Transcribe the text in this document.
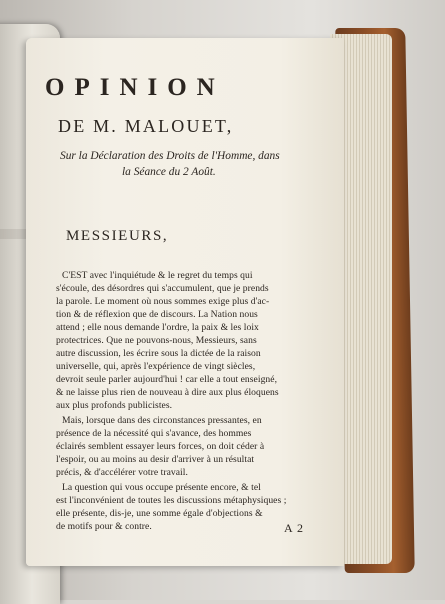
OPINION
DE M. MALOUET,
Sur la Déclaration des Droits de l'Homme, dans
la Séance du 2 Août.
MESSIEURS,
C'EST avec l'inquiétude & le regret du temps qui
s'écoule, des désordres qui s'accumulent, que je prends
la parole. Le moment où nous sommes exige plus d'ac-
tion & de réflexion que de discours. La Nation nous
attend ; elle nous demande l'ordre, la paix & les loix
protectrices. Que ne pouvons-nous, Messieurs, sans
autre discussion, les écrire sous la dictée de la raison
universelle, qui, après l'expérience de vingt siècles,
devroit seule parler aujourd'hui ! car elle a tout enseigné,
& ne laisse plus rien de nouveau à dire aux plus éloquens
aux plus profonds publicistes.
Mais, lorsque dans des circonstances pressantes, en
présence de la nécessité qui s'avance, des hommes
éclairés semblent essayer leurs forces, on doit céder à
l'espoir, ou au moins au desir d'arriver à un résultat
précis, & d'accélérer votre travail.
La question qui vous occupe présente encore, & tel
est l'inconvénient de toutes les discussions métaphysiques ;
elle présente, dis-je, une somme égale d'objections &
de motifs pour & contre.	A 2
